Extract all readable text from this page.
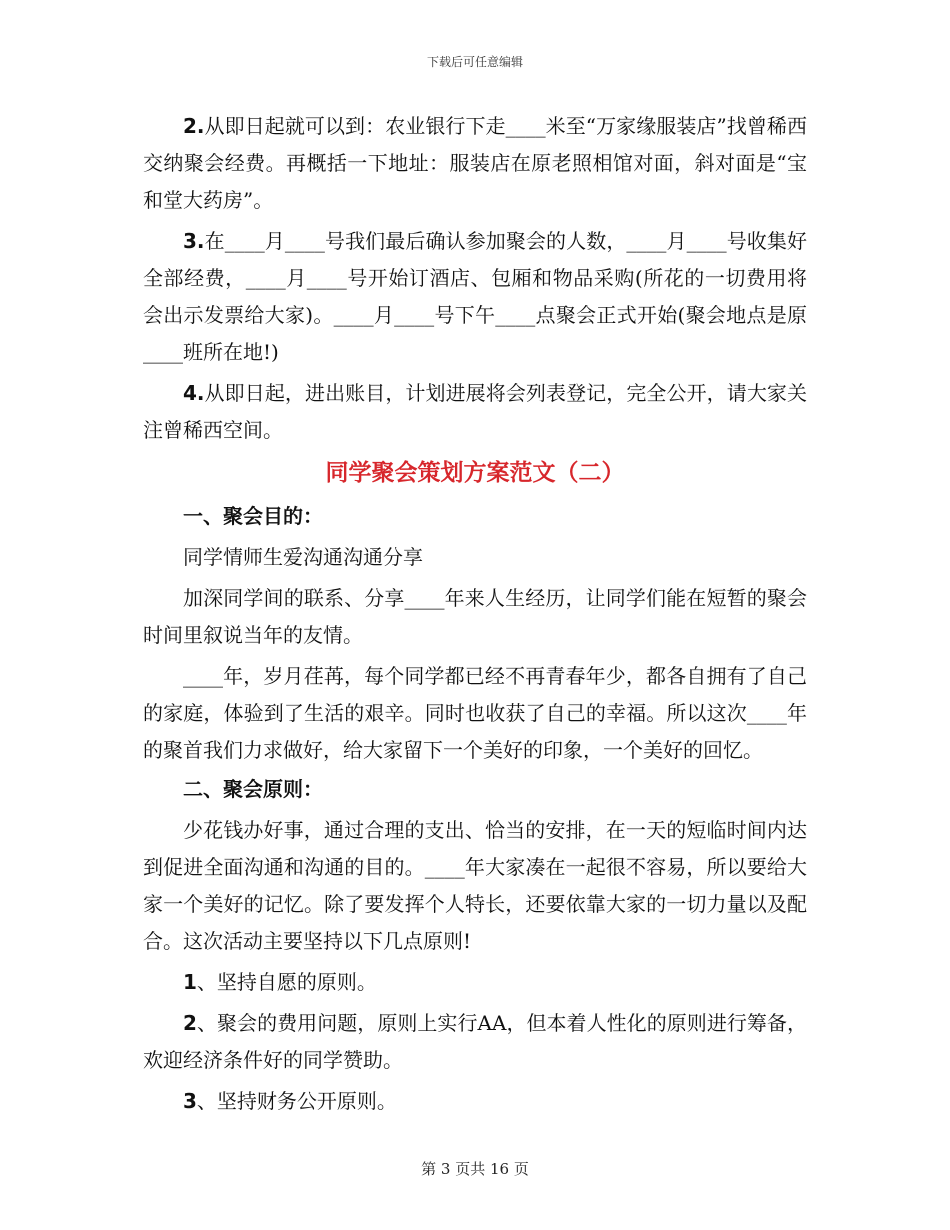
下载后可任意编辑

2.从即日起就可以到：农业银行下走____米至“万家缘服装店”找曾稀西交纳聚会经费。再概括一下地址：服装店在原老照相馆对面，斜对面是“宝和堂大药房”。

3.在____月____号我们最后确认参加聚会的人数，____月____号收集好全部经费，____月____号开始订酒店、包厢和物品采购(所花的一切费用将会出示发票给大家)。____月____号下午____点聚会正式开始(聚会地点是原____班所在地!)

4.从即日起，进出账目，计划进展将会列表登记，完全公开，请大家关注曾稀西空间。

同学聚会策划方案范文（二）

一、聚会目的：

同学情师生爱沟通沟通分享

加深同学间的联系、分享____年来人生经历，让同学们能在短暂的聚会时间里叙说当年的友情。

____年，岁月荏苒，每个同学都已经不再青春年少，都各自拥有了自己的家庭，体验到了生活的艰辛。同时也收获了自己的幸福。所以这次____年的聚首我们力求做好，给大家留下一个美好的印象，一个美好的回忆。

二、聚会原则：

少花钱办好事，通过合理的支出、恰当的安排，在一天的短临时间内达到促进全面沟通和沟通的目的。____年大家凑在一起很不容易，所以要给大家一个美好的记忆。除了要发挥个人特长，还要依靠大家的一切力量以及配合。这次活动主要坚持以下几点原则!

1、坚持自愿的原则。

2、聚会的费用问题，原则上实行AA，但本着人性化的原则进行筹备，欢迎经济条件好的同学赞助。

3、坚持财务公开原则。

第 3 页共 16 页
